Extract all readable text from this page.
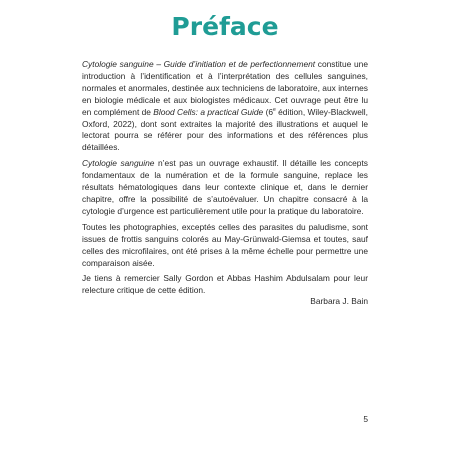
Préface

Cytologie sanguine – Guide d’initiation et de perfectionnement constitue une introduction à l’identification et à l’interprétation des cellules sanguines, normales et anormales, destinée aux techniciens de laboratoire, aux internes en biologie médicale et aux biologistes médicaux. Cet ouvrage peut être lu en complément de Blood Cells: a practical Guide (6e édition, Wiley-Blackwell, Oxford, 2022), dont sont extraites la majorité des illustrations et auquel le lectorat pourra se référer pour des informations et des références plus détaillées.

Cytologie sanguine n’est pas un ouvrage exhaustif. Il détaille les concepts fondamentaux de la numération et de la formule sanguine, replace les résultats hématologiques dans leur contexte clinique et, dans le dernier chapitre, offre la possibilité de s’autoévaluer. Un chapitre consacré à la cytologie d’urgence est particulièrement utile pour la pratique du laboratoire.

Toutes les photographies, exceptés celles des parasites du paludisme, sont issues de frottis sanguins colorés au May-Grünwald-Giemsa et toutes, sauf celles des microfilaires, ont été prises à la même échelle pour permettre une comparaison aisée.

Je tiens à remercier Sally Gordon et Abbas Hashim Abdulsalam pour leur relecture critique de cette édition.

Barbara J. Bain
5
